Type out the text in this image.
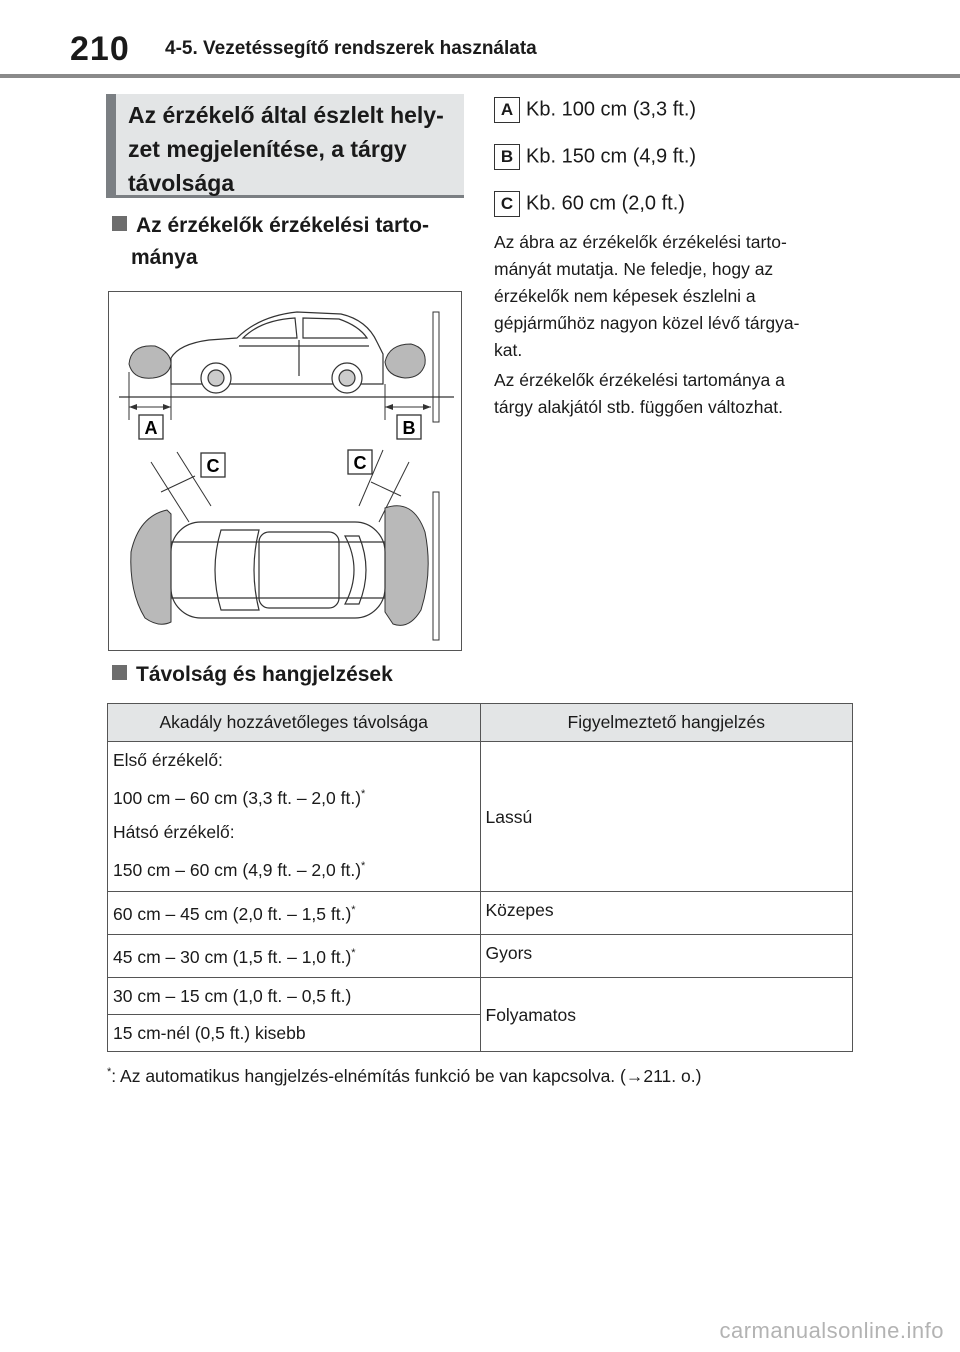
210 4-5. Vezetéssegítő rendszerek használata
Az érzékelő által észlelt hely-
zet megjelenítése, a tárgy
távolsága
Az érzékelők érzékelési tarto-
mánya
A	B
C	C
A Kb. 100 cm (3,3 ft.)
B Kb. 150 cm (4,9 ft.)
C Kb. 60 cm (2,0 ft.)
Az ábra az érzékelők érzékelési tarto-
mányát mutatja. Ne feledje, hogy az
érzékelők nem képesek észlelni a
gépjárműhöz nagyon közel lévő tárgya-
kat.
Az érzékelők érzékelési tartománya a
tárgy alakjától stb. függően változhat.
Távolság és hangjelzések
Akadály hozzávetőleges távolsága	Figyelmeztető hangjelzés

Első érzékelő:

100 cm – 60 cm (3,3 ft. – 2,0 ft.)*

Hátsó érzékelő:

150 cm – 60 cm (4,9 ft. – 2,0 ft.)*	Lassú
60 cm – 45 cm (2,0 ft. – 1,5 ft.)*	Közepes
45 cm – 30 cm (1,5 ft. – 1,0 ft.)*	Gyors
30 cm – 15 cm (1,0 ft. – 0,5 ft.)	Folyamatos
15 cm-nél (0,5 ft.) kisebb	
*: Az automatikus hangjelzés-elnémítás funkció be van kapcsolva. (→211. o.)
carmanualsonline.info
